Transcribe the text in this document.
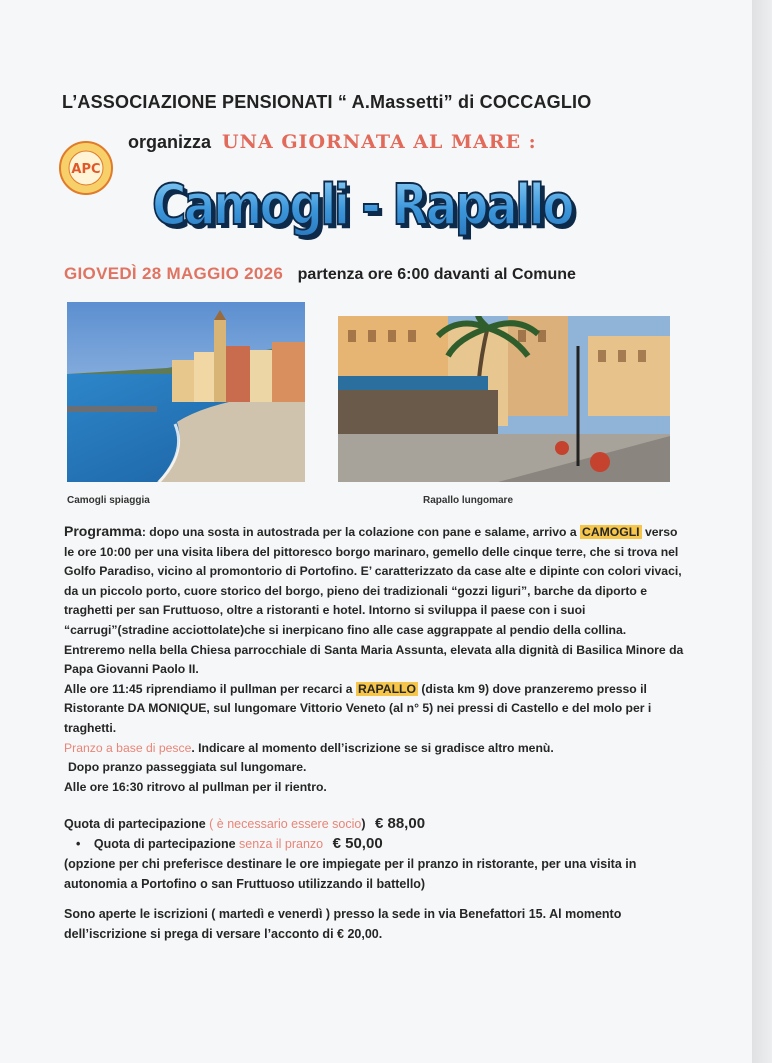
L’ASSOCIAZIONE PENSIONATI “ A.Massetti” di COCCAGLIO
APC
organizza UNA GIORNATA AL MARE :
Camogli - Rapallo
Camogli - Rapallo
GIOVEDÌ 28 MAGGIO 2026 partenza ore 6:00 davanti al Comune
Camogli spiaggia	Rapallo lungomare

Programma: dopo una sosta in autostrada per la colazione con pane e salame, arrivo a CAMOGLI verso le ore 10:00 per una visita libera del pittoresco borgo marinaro, gemello delle cinque terre, che si trova nel Golfo Paradiso, vicino al promontorio di Portofino. E’ caratterizzato da case alte e dipinte con colori vivaci, da un piccolo porto, cuore storico del borgo, pieno dei tradizionali “gozzi liguri”, barche da diporto e traghetti per san Fruttuoso, oltre a ristoranti e hotel. Intorno si sviluppa il paese con i suoi “carrugi”(stradine acciottolate)che si inerpicano fino alle case aggrappate al pendio della collina. Entreremo nella bella Chiesa parrocchiale di Santa Maria Assunta, elevata alla dignità di Basilica Minore da Papa Giovanni Paolo II.

Alle ore 11:45 riprendiamo il pullman per recarci a RAPALLO (dista km 9) dove pranzeremo presso il Ristorante DA MONIQUE, sul lungomare Vittorio Veneto (al n° 5) nei pressi di Castello e del molo per i traghetti.

Pranzo a base di pesce. Indicare al momento dell’iscrizione se si gradisce altro menù.

Dopo pranzo passeggiata sul lungomare.

Alle ore 16:30 ritrovo al pullman per il rientro.

Quota di partecipazione ( è necessario essere socio) € 88,00
• Quota di partecipazione senza il pranzo € 50,00
(opzione per chi preferisce destinare le ore impiegate per il pranzo in ristorante, per una visita in autonomia a Portofino o san Fruttuoso utilizzando il battello)
Sono aperte le iscrizioni ( martedì e venerdì ) presso la sede in via Benefattori 15. Al momento dell’iscrizione si prega di versare l’acconto di € 20,00.
